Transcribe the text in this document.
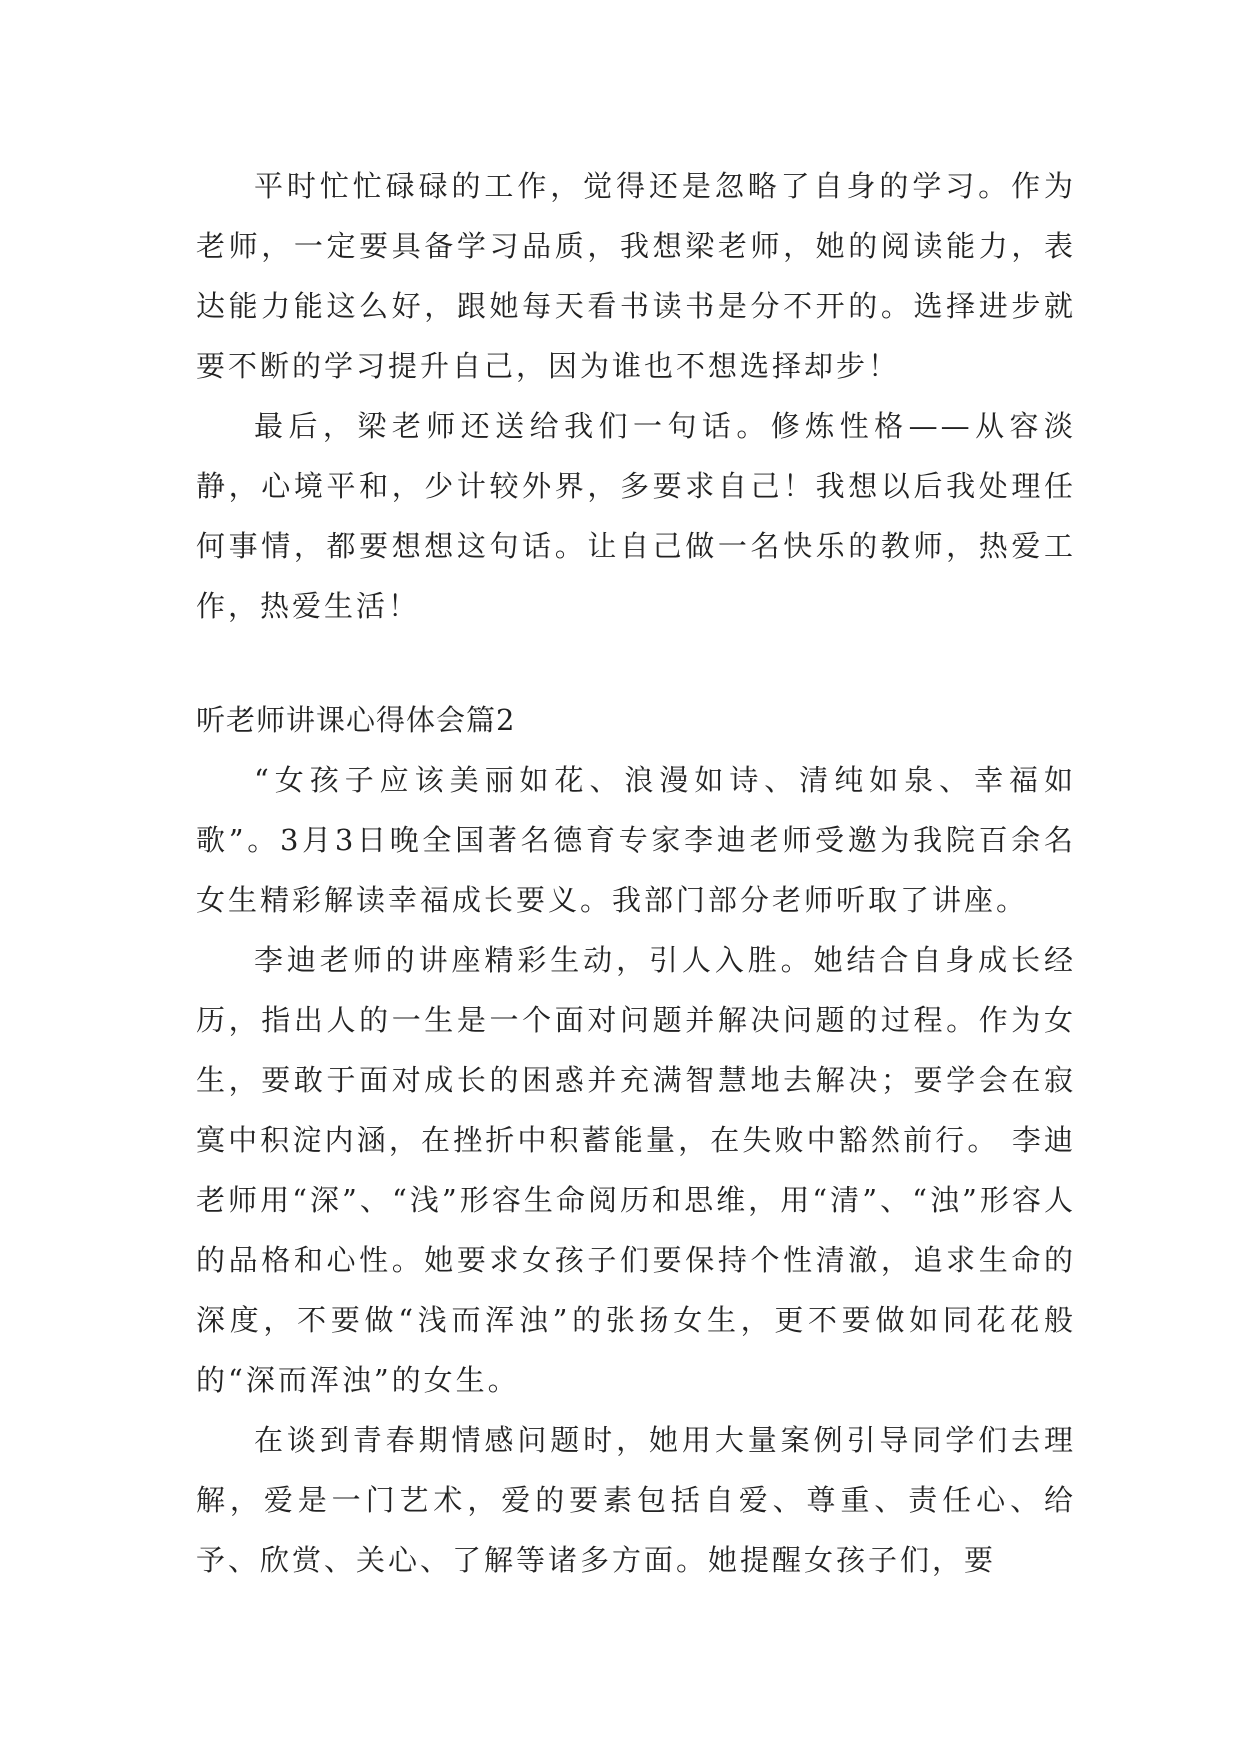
平时忙忙碌碌的工作，觉得还是忽略了自身的学习。作为老师，一定要具备学习品质，我想梁老师，她的阅读能力，表达能力能这么好，跟她每天看书读书是分不开的。选择进步就要不断的学习提升自己，因为谁也不想选择却步！

最后，梁老师还送给我们一句话。修炼性格——从容淡静，心境平和，少计较外界，多要求自己！我想以后我处理任何事情，都要想想这句话。让自己做一名快乐的教师，热爱工作，热爱生活！

听老师讲课心得体会篇2

“女孩子应该美丽如花、浪漫如诗、清纯如泉、幸福如歌”。3月3日晚全国著名德育专家李迪老师受邀为我院百余名女生精彩解读幸福成长要义。我部门部分老师听取了讲座。

李迪老师的讲座精彩生动，引人入胜。她结合自身成长经历，指出人的一生是一个面对问题并解决问题的过程。作为女生，要敢于面对成长的困惑并充满智慧地去解决；要学会在寂寞中积淀内涵，在挫折中积蓄能量，在失败中豁然前行。 李迪老师用“深”、“浅”形容生命阅历和思维，用“清”、“浊”形容人的品格和心性。她要求女孩子们要保持个性清澈，追求生命的深度，不要做“浅而浑浊”的张扬女生，更不要做如同花花般的“深而浑浊”的女生。

在谈到青春期情感问题时，她用大量案例引导同学们去理解，爱是一门艺术，爱的要素包括自爱、尊重、责任心、给予、欣赏、关心、了解等诸多方面。她提醒女孩子们，要
